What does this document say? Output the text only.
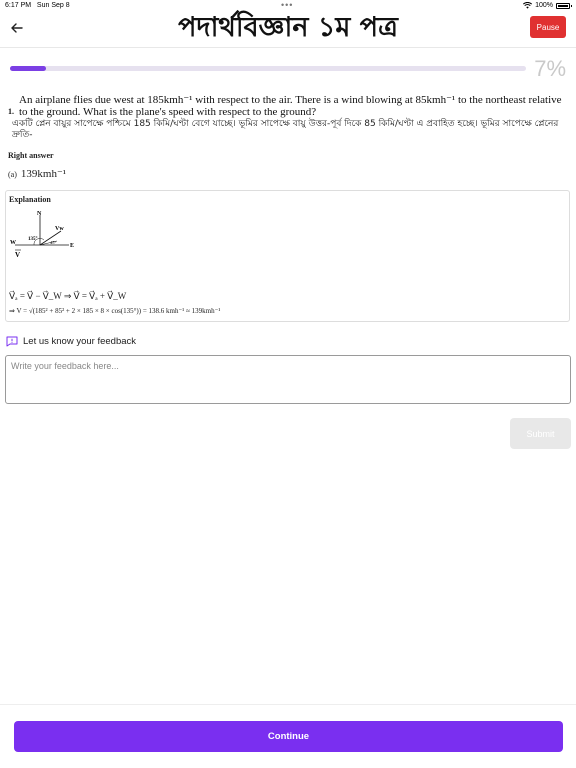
6:17 PM Sun Sep 8	•••	100%
পদার্থবিজ্ঞান ১ম পত্র	Pause
7%
1.
An airplane flies due west at 185kmh⁻¹ with respect to the air. There is a wind blowing at 85kmh⁻¹ to the northeast relative to the ground. What is the plane's speed with respect to the ground?
একটি প্লেন বায়ুর সাপেক্ষে পশ্চিমে 185 কিমি/ঘণ্টা বেগে যাচ্ছে। ভূমির সাপেক্ষে বায়ু উত্তর-পূর্ব দিকে 85 কিমি/ঘণ্টা এ প্রবাহিত হচ্ছে। ভূমির সাপেক্ষে প্লেনের দ্রুতি-
Right answer
(a) 139kmh⁻¹
Explanation
N
W	E
Vw
135°
45°
V
V⃗ₐ = V⃗ − V⃗_W ⇒ V⃗ = V⃗ₐ + V⃗_W
⇒ V = √(185² + 85² + 2 × 185 × 8 × cos(135°)) = 138.6 kmh⁻¹ ≈ 139kmh⁻¹
Let us know your feedback
Write your feedback here...
Submit
Continue
